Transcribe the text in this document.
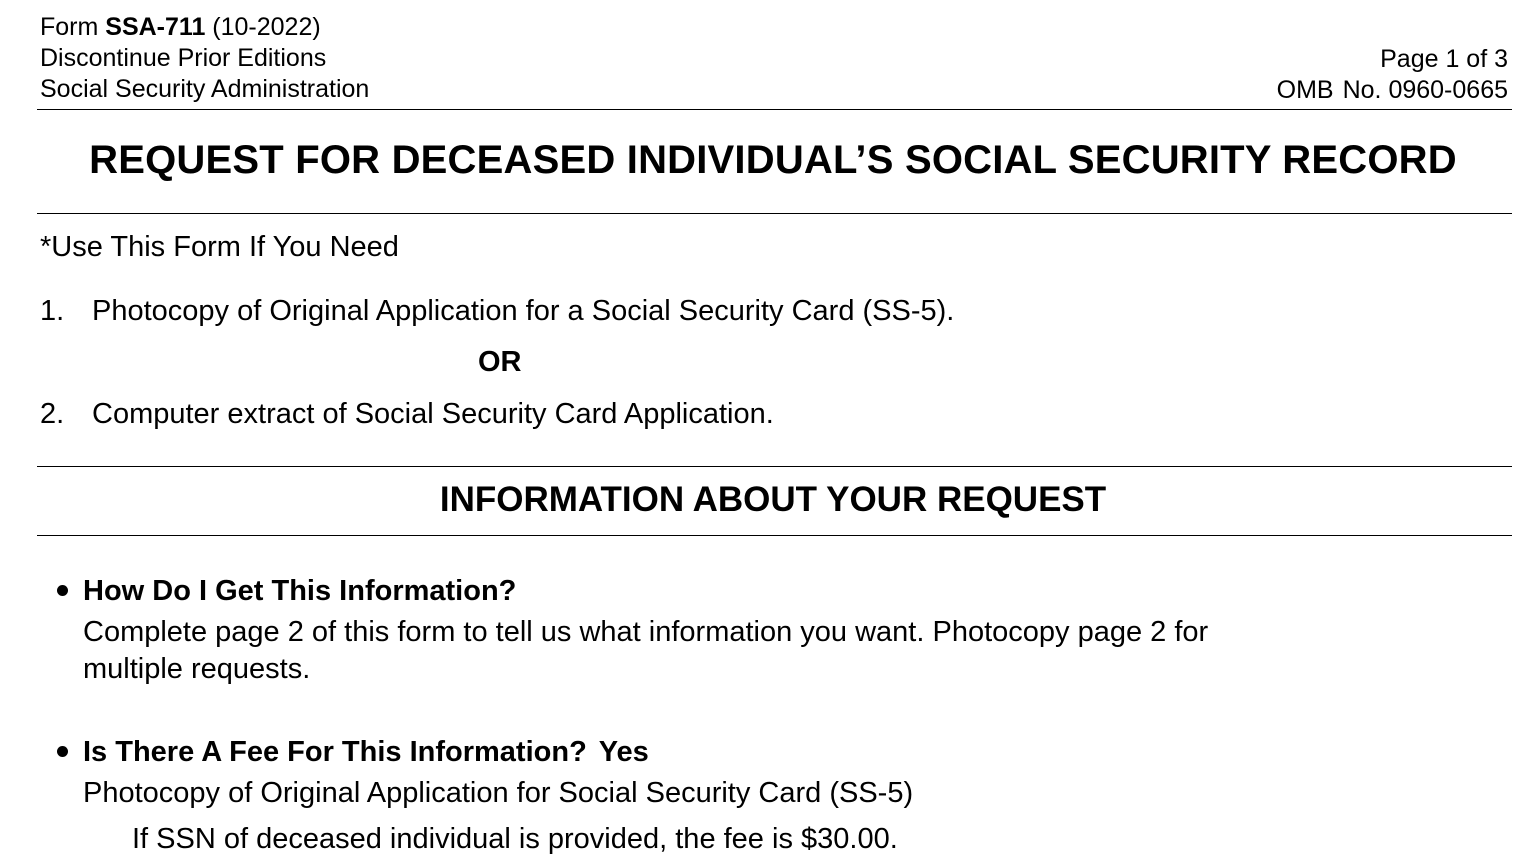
Form SSA-711 (10-2022)
Discontinue Prior Editions
Social Security Administration
Page 1 of 3
OMB No. 0960-0665
REQUEST FOR DECEASED INDIVIDUAL’S SOCIAL SECURITY RECORD
*Use This Form If You Need
1. Photocopy of Original Application for a Social Security Card (SS-5).
OR
2. Computer extract of Social Security Card Application.
INFORMATION ABOUT YOUR REQUEST
How Do I Get This Information?
Complete page 2 of this form to tell us what information you want. Photocopy page 2 for
multiple requests.
Is There A Fee For This Information? Yes
Photocopy of Original Application for Social Security Card (SS-5)
If SSN of deceased individual is provided, the fee is $30.00.
